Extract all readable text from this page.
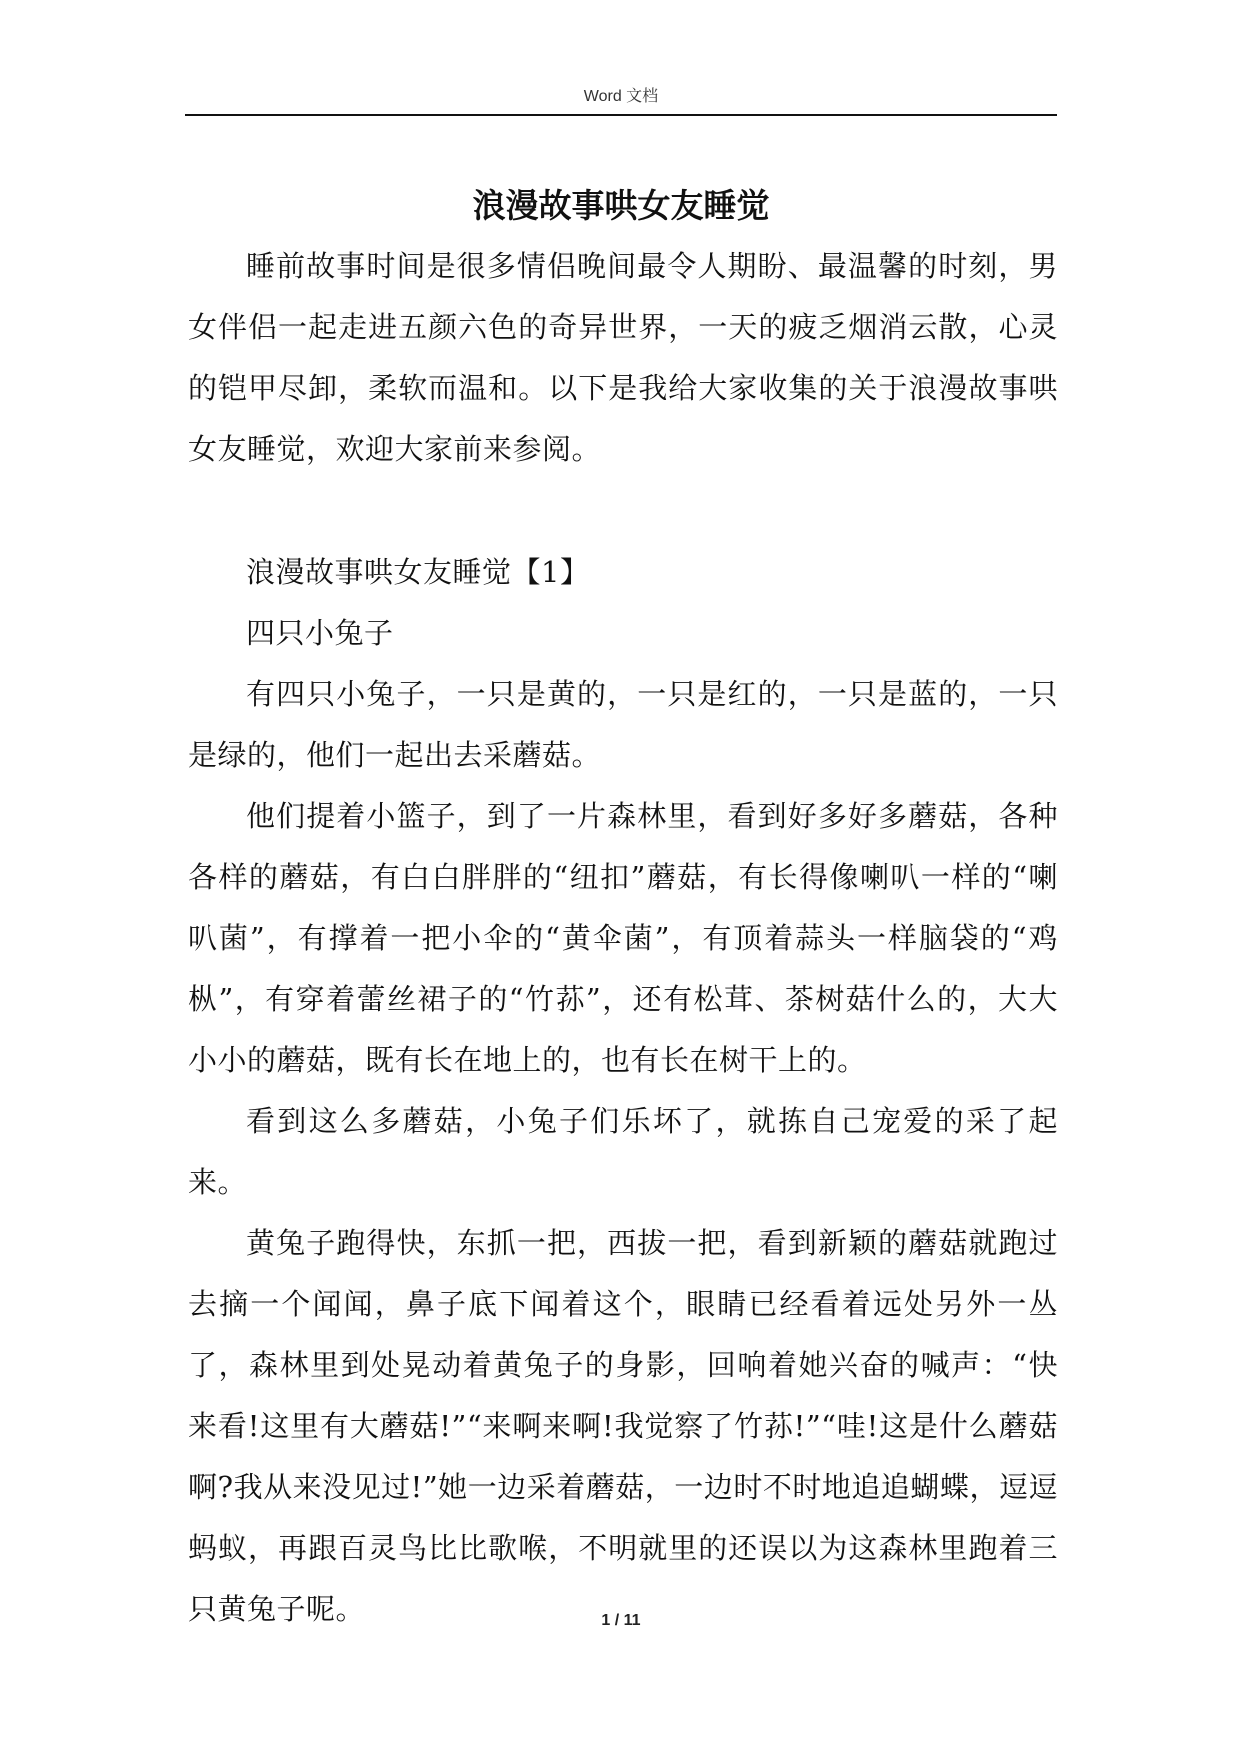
Word 文档
浪漫故事哄女友睡觉

睡前故事时间是很多情侣晚间最令人期盼、最温馨的时刻，男女伴侣一起走进五颜六色的奇异世界，一天的疲乏烟消云散，心灵的铠甲尽卸，柔软而温和。以下是我给大家收集的关于浪漫故事哄女友睡觉，欢迎大家前来参阅。

浪漫故事哄女友睡觉【1】

四只小兔子

有四只小兔子，一只是黄的，一只是红的，一只是蓝的，一只是绿的，他们一起出去采蘑菇。

他们提着小篮子，到了一片森林里，看到好多好多蘑菇，各种各样的蘑菇，有白白胖胖的“纽扣”蘑菇，有长得像喇叭一样的“喇叭菌”，有撑着一把小伞的“黄伞菌”，有顶着蒜头一样脑袋的“鸡枞”，有穿着蕾丝裙子的“竹荪”，还有松茸、茶树菇什么的，大大小小的蘑菇，既有长在地上的，也有长在树干上的。

看到这么多蘑菇，小兔子们乐坏了，就拣自己宠爱的采了起来。

黄兔子跑得快，东抓一把，西拔一把，看到新颖的蘑菇就跑过去摘一个闻闻，鼻子底下闻着这个，眼睛已经看着远处另外一丛了，森林里到处晃动着黄兔子的身影，回响着她兴奋的喊声：“快来看!这里有大蘑菇!”“来啊来啊!我觉察了竹荪!”“哇!这是什么蘑菇啊?我从来没见过!”她一边采着蘑菇，一边时不时地追追蝴蝶，逗逗蚂蚁，再跟百灵鸟比比歌喉，不明就里的还误以为这森林里跑着三只黄兔子呢。	1 / 11
